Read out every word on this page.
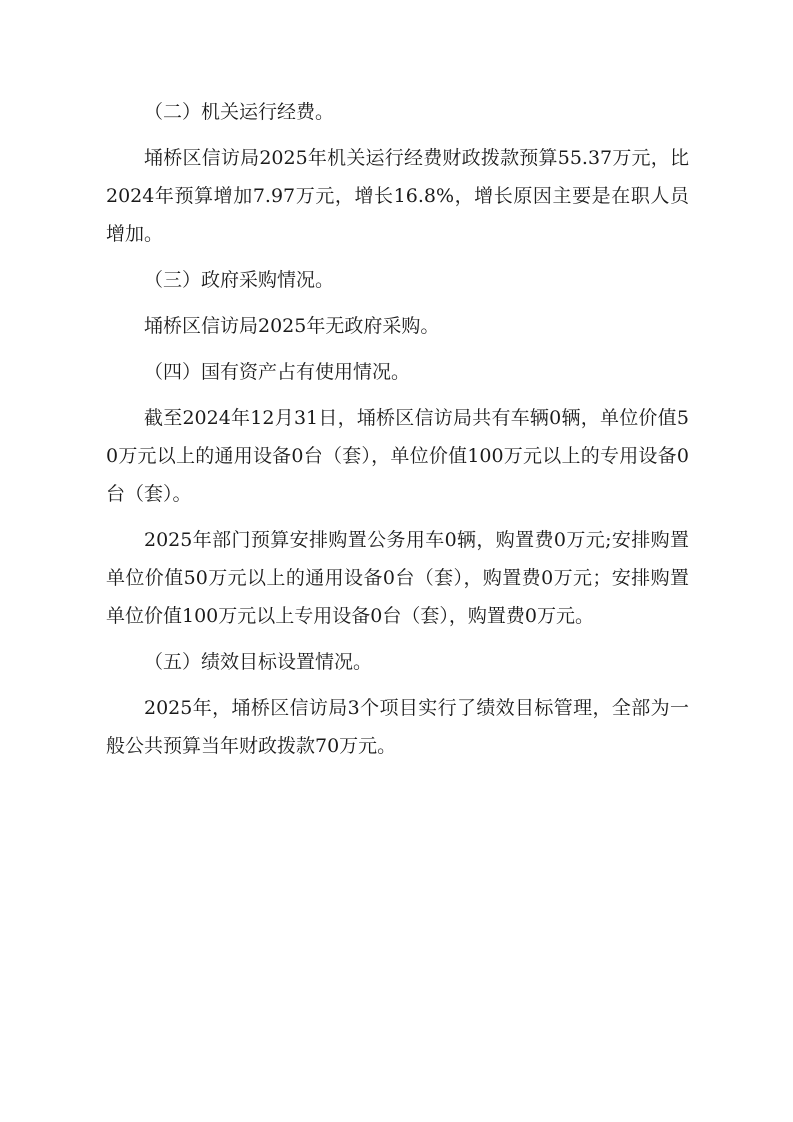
（二）机关运行经费。

埇桥区信访局2025年机关运行经费财政拨款预算55.37万元，比2024年预算增加7.97万元，增长16.8%，增长原因主要是在职人员增加。

（三）政府采购情况。

埇桥区信访局2025年无政府采购。

（四）国有资产占有使用情况。

截至2024年12月31日，埇桥区信访局共有车辆0辆，单位价值50万元以上的通用设备0台（套），单位价值100万元以上的专用设备0台（套）。

2025年部门预算安排购置公务用车0辆，购置费0万元;安排购置单位价值50万元以上的通用设备0台（套），购置费0万元；安排购置单位价值100万元以上专用设备0台（套），购置费0万元。

（五）绩效目标设置情况。

2025年，埇桥区信访局3个项目实行了绩效目标管理，全部为一般公共预算当年财政拨款70万元。
